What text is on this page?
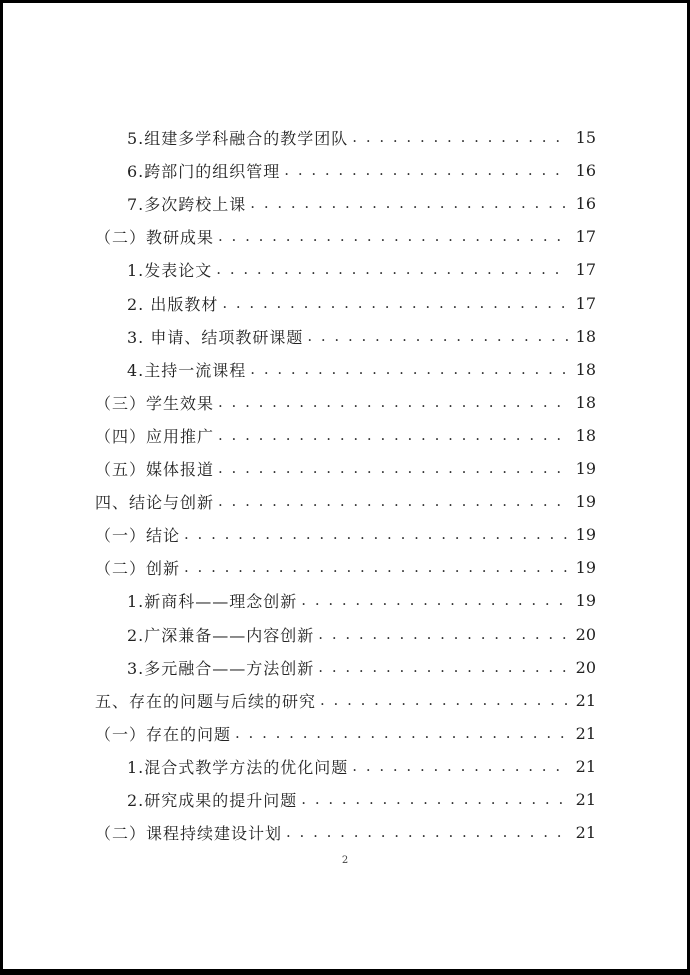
5.组建多学科融合的教学团队 . . .	15
6.跨部门的组织管理 . . .	16
7.多次跨校上课 . . .	16
（二）教研成果 . . .	17
1.发表论文 . . .	17
2. 出版教材 . . .	17
3. 申请、结项教研课题 . . .	18
4.主持一流课程 . . .	18
（三）学生效果 . . .	18
（四）应用推广 . . .	18
（五）媒体报道 . . .	19
四、结论与创新 . . .	19
（一）结论 . . .	19
（二）创新 . . .	19
1.新商科——理念创新 . . .	19
2.广深兼备——内容创新 . . .	20
3.多元融合——方法创新 . . .	20
五、存在的问题与后续的研究 . . .	21
（一）存在的问题 . . .	21
1.混合式教学方法的优化问题 . . .	21
2.研究成果的提升问题 . . .	21
（二）课程持续建设计划 . . .	21
2
